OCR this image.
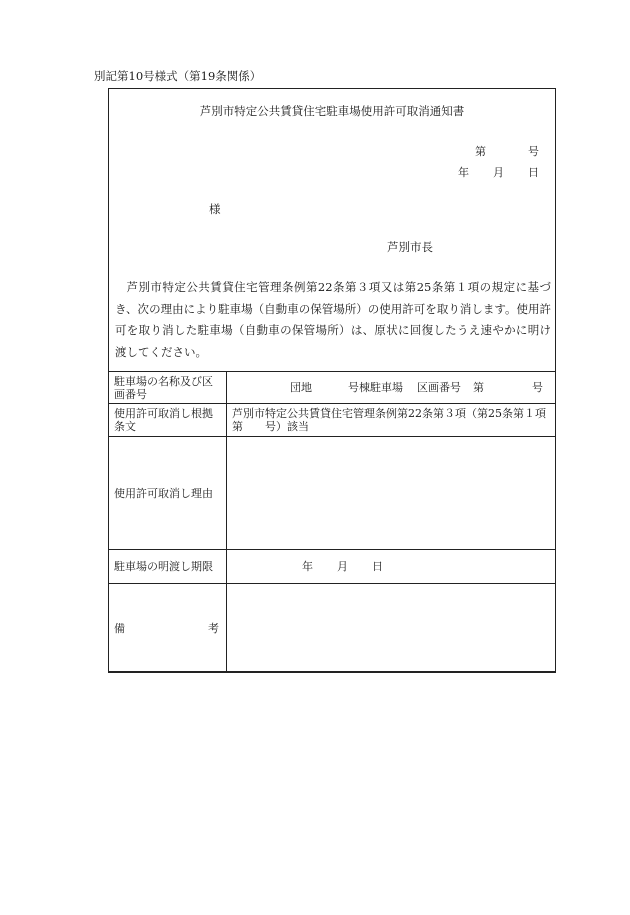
別記第10号様式（第19条関係）
芦別市特定公共賃貸住宅駐車場使用許可取消通知書
第	号
年 月 日
様
芦別市長
芦別市特定公共賃貸住宅管理条例第22条第３項又は第25条第１項の規定に基づき、次の理由により駐車場（自動車の保管場所）の使用許可を取り消します。使用許可を取り消した駐車場（自動車の保管場所）は、原状に回復したうえ速やかに明け渡してください。
駐車場の名称及び区画番号	団地 号棟駐車場 区画番号 第 号
使用許可取消し根拠条文	芦別市特定公共賃貸住宅管理条例第22条第３項（第25条第１項第　　号）該当
使用許可取消し理由	
駐車場の明渡し期限	年 月 日

備 考	
